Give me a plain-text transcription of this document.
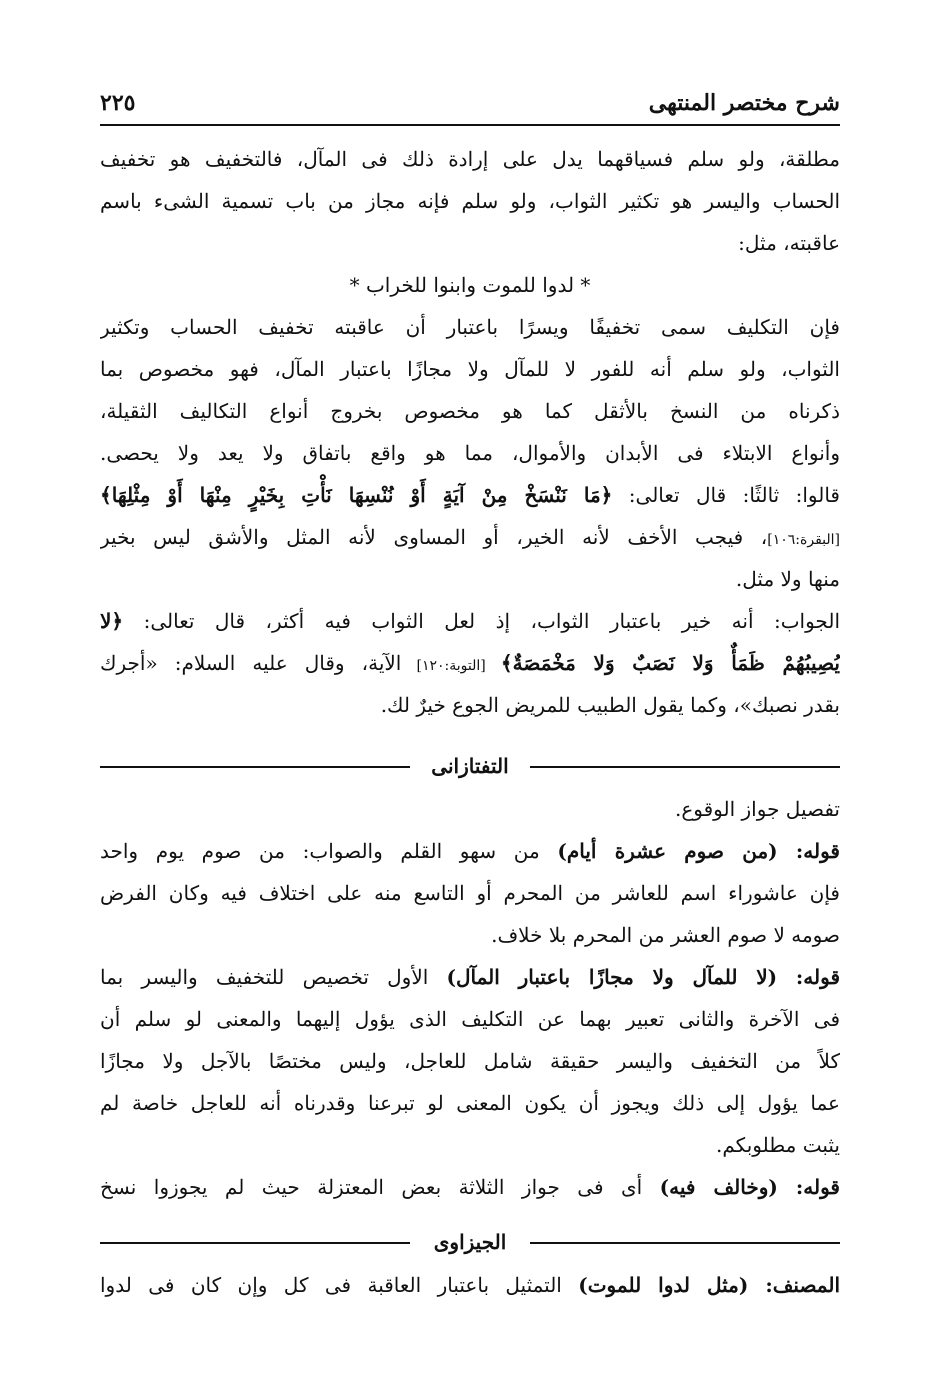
شرح مختصر المنتهى
٢٢٥
مطلقة، ولو سلم فسياقهما يدل على إرادة ذلك فى المآل، فالتخفيف هو تخفيف
الحساب واليسر هو تكثير الثواب، ولو سلم فإنه مجاز من باب تسمية الشىء باسم
عاقبته، مثل:
* لدوا للموت وابنوا للخراب *
فإن التكليف سمى تخفيفًا ويسرًا باعتبار أن عاقبته تخفيف الحساب وتكثير
الثواب، ولو سلم أنه للفور لا للمآل ولا مجازًا باعتبار المآل، فهو مخصوص بما
ذكرناه من النسخ بالأثقل كما هو مخصوص بخروج أنواع التكاليف الثقيلة،
وأنواع الابتلاء فى الأبدان والأموال، مما هو واقع باتفاق ولا يعد ولا يحصى.
قالوا: ثالثًا: قال تعالى: ﴿مَا نَنْسَخْ مِنْ آيَةٍ أَوْ نُنْسِهَا نَأْتِ بِخَيْرٍ مِنْهَا أَوْ مِثْلِهَا﴾
[البقرة:١٠٦]، فيجب الأخف لأنه الخير، أو المساوى لأنه المثل والأشق ليس بخير
منها ولا مثل.
الجواب: أنه خير باعتبار الثواب، إذ لعل الثواب فيه أكثر، قال تعالى: ﴿لا
يُصِيبُهُمْ ظَمَأٌ وَلا نَصَبٌ وَلا مَخْمَصَةٌ﴾ [التوبة:١٢٠] الآية، وقال عليه السلام: «أجرك
بقدر نصبك»، وكما يقول الطبيب للمريض الجوع خيرٌ لك.
التفتازانى
تفصيل جواز الوقوع.
قوله: (من صوم عشرة أيام) من سهو القلم والصواب: من صوم يوم واحد
فإن عاشوراء اسم للعاشر من المحرم أو التاسع منه على اختلاف فيه وكان الفرض
صومه لا صوم العشر من المحرم بلا خلاف.
قوله: (لا للمآل ولا مجازًا باعتبار المآل) الأول تخصيص للتخفيف واليسر بما
فى الآخرة والثانى تعبير بهما عن التكليف الذى يؤول إليهما والمعنى لو سلم أن
كلاً من التخفيف واليسر حقيقة شامل للعاجل، وليس مختصًا بالآجل ولا مجازًا
عما يؤول إلى ذلك ويجوز أن يكون المعنى لو تبرعنا وقدرناه أنه للعاجل خاصة لم
يثبت مطلوبكم.
قوله: (وخالف فيه) أى فى جواز الثلاثة بعض المعتزلة حيث لم يجوزوا نسخ
الجيزاوى
المصنف: (مثل لدوا للموت) التمثيل باعتبار العاقبة فى كل وإن كان فى لدوا
